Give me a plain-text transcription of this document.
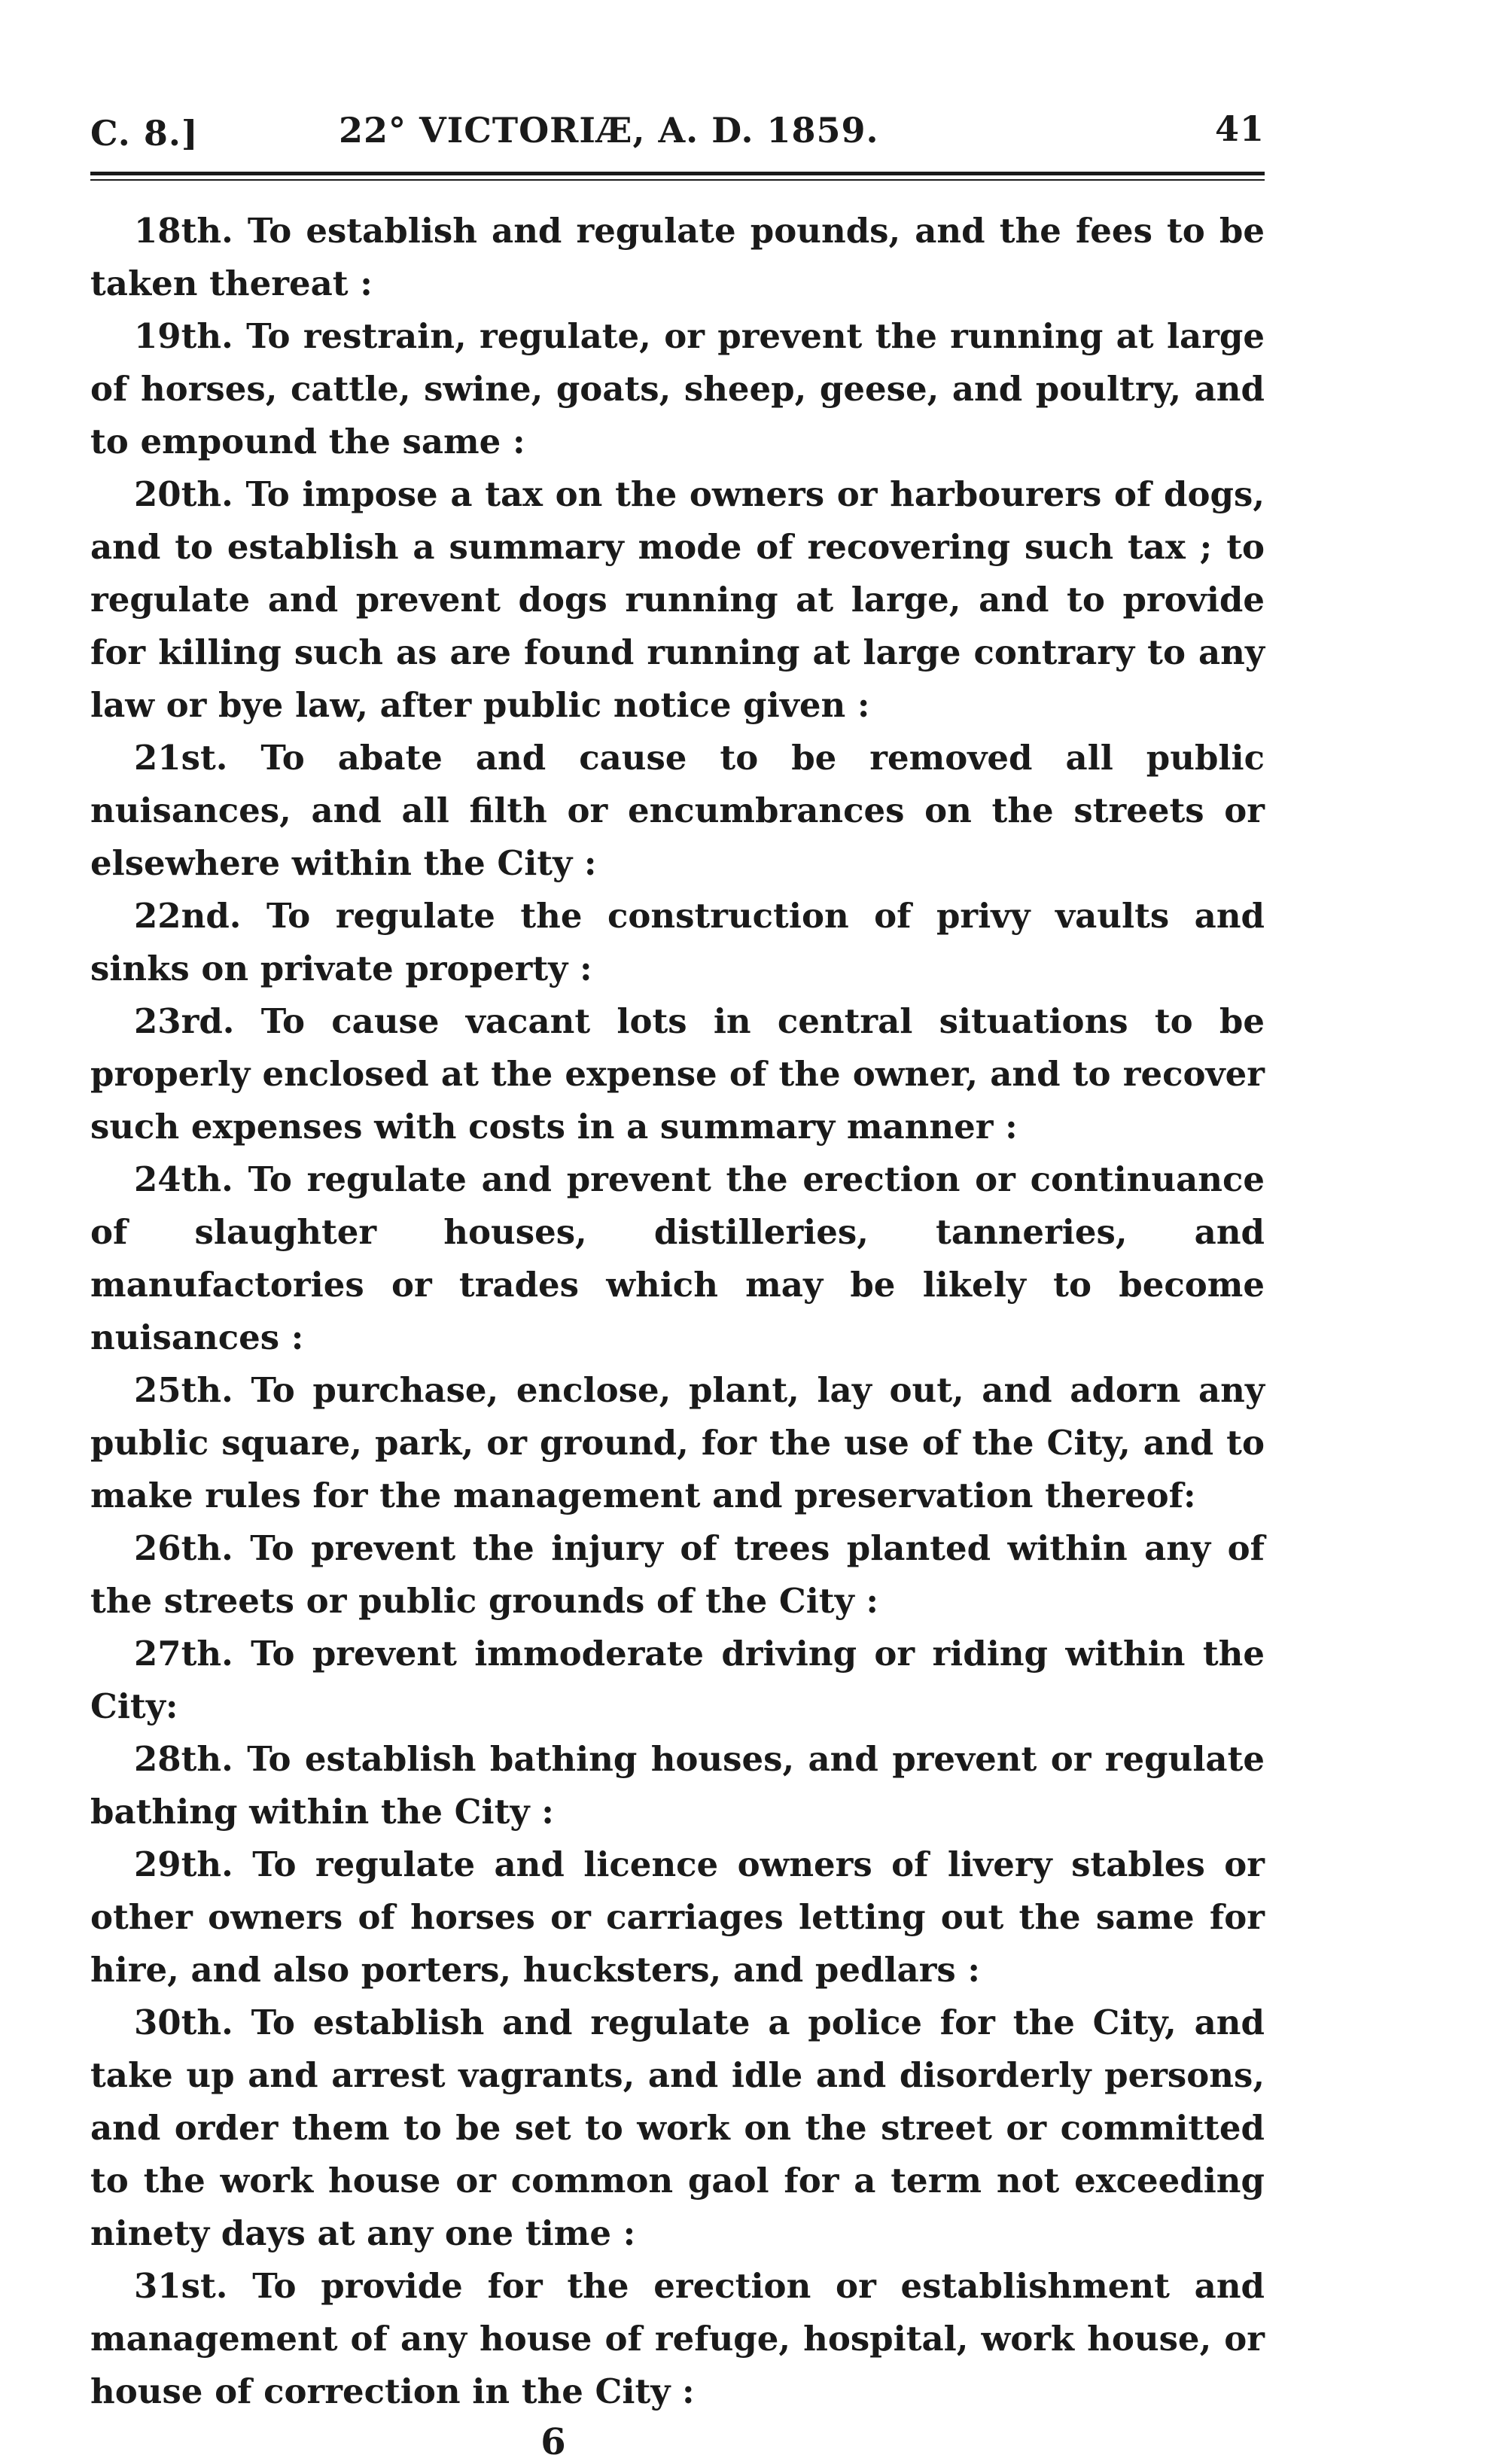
C. 8.]	22° VICTORIÆ, A. D. 1859.	41

18th. To establish and regulate pounds, and the fees to be taken thereat :

19th. To restrain, regulate, or prevent the running at large of horses, cattle, swine, goats, sheep, geese, and poultry, and to empound the same :

20th. To impose a tax on the owners or harbourers of dogs, and to establish a summary mode of recovering such tax ; to regulate and prevent dogs running at large, and to provide for killing such as are found running at large contrary to any law or bye law, after public notice given :

21st. To abate and cause to be removed all public nuisances, and all filth or encumbrances on the streets or elsewhere within the City :

22nd. To regulate the construction of privy vaults and sinks on private property :

23rd. To cause vacant lots in central situations to be properly enclosed at the expense of the owner, and to recover such expenses with costs in a summary manner :

24th. To regulate and prevent the erection or continuance of slaughter houses, distilleries, tanneries, and manufactories or trades which may be likely to become nuisances :

25th. To purchase, enclose, plant, lay out, and adorn any public square, park, or ground, for the use of the City, and to make rules for the management and preservation thereof:

26th. To prevent the injury of trees planted within any of the streets or public grounds of the City :

27th. To prevent immoderate driving or riding within the City:

28th. To establish bathing houses, and prevent or regulate bathing within the City :

29th. To regulate and licence owners of livery stables or other owners of horses or carriages letting out the same for hire, and also porters, hucksters, and pedlars :

30th. To establish and regulate a police for the City, and take up and arrest vagrants, and idle and disorderly persons, and order them to be set to work on the street or committed to the work house or common gaol for a term not exceeding ninety days at any one time :

31st. To provide for the erection or establishment and management of any house of refuge, hospital, work house, or house of correction in the City :

6
